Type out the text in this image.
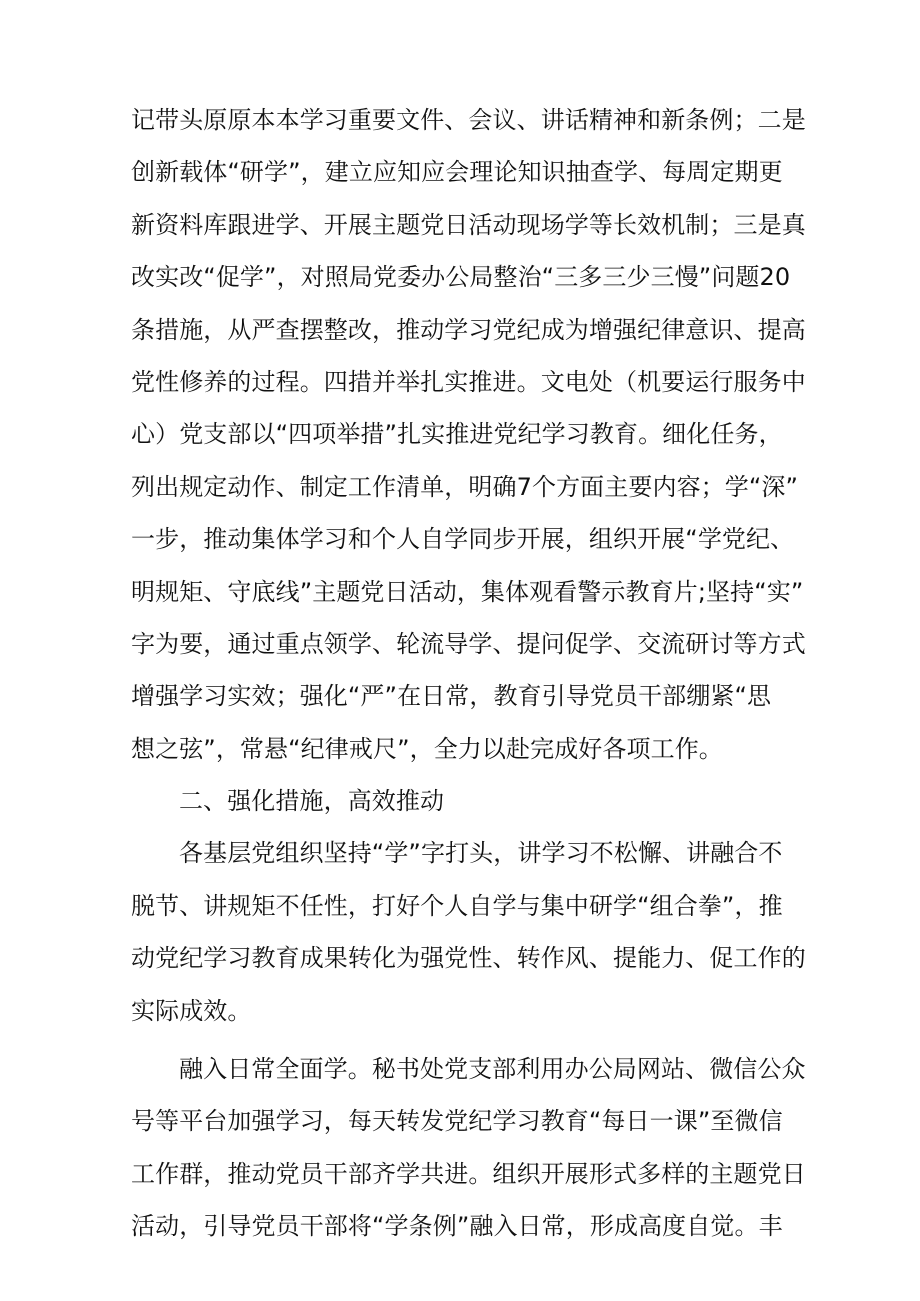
记带头原原本本学习重要文件、会议、讲话精神和新条例；二是
创新载体“研学”，建立应知应会理论知识抽查学、每周定期更
新资料库跟进学、开展主题党日活动现场学等长效机制；三是真
改实改“促学”，对照局党委办公局整治“三多三少三慢”问题20
条措施，从严查摆整改，推动学习党纪成为增强纪律意识、提高
党性修养的过程。四措并举扎实推进。文电处（机要运行服务中
心）党支部以“四项举措”扎实推进党纪学习教育。细化任务，
列出规定动作、制定工作清单，明确7个方面主要内容；学“深”
一步，推动集体学习和个人自学同步开展，组织开展“学党纪、
明规矩、守底线”主题党日活动，集体观看警示教育片;坚持“实”
字为要，通过重点领学、轮流导学、提问促学、交流研讨等方式
增强学习实效；强化“严”在日常，教育引导党员干部绷紧“思
想之弦”，常悬“纪律戒尺”，全力以赴完成好各项工作。
二、强化措施，高效推动
各基层党组织坚持“学”字打头，讲学习不松懈、讲融合不
脱节、讲规矩不任性，打好个人自学与集中研学“组合拳”，推
动党纪学习教育成果转化为强党性、转作风、提能力、促工作的
实际成效。
融入日常全面学。秘书处党支部利用办公局网站、微信公众
号等平台加强学习，每天转发党纪学习教育“每日一课”至微信
工作群，推动党员干部齐学共进。组织开展形式多样的主题党日
活动，引导党员干部将“学条例”融入日常，形成高度自觉。丰
